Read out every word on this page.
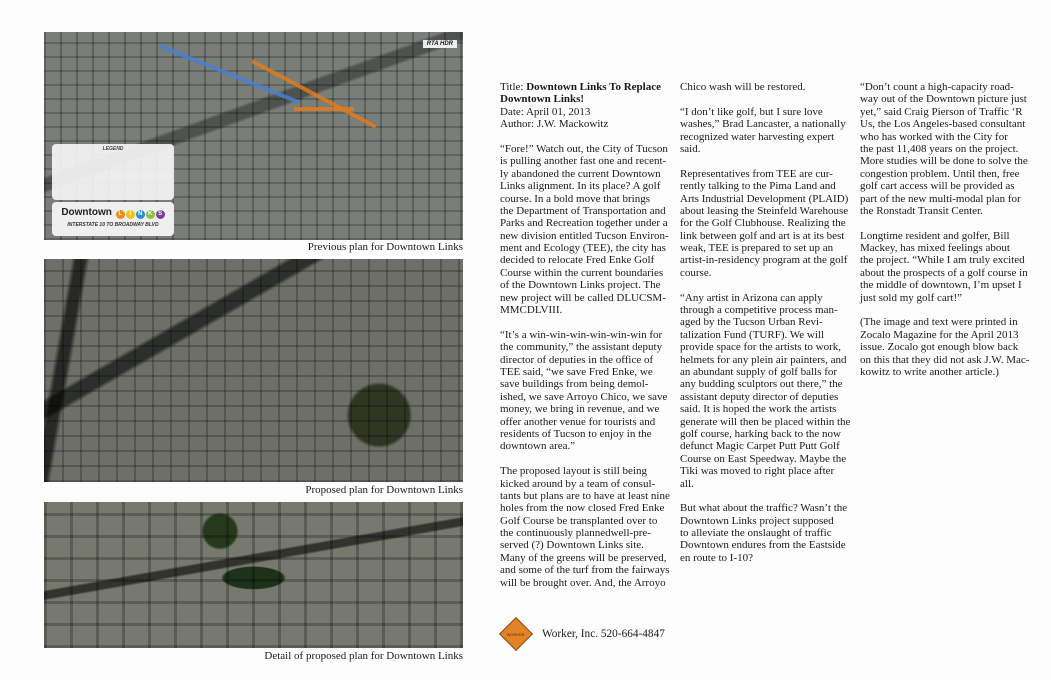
RTA HDR
LEGEND
Downtown L I N K S
INTERSTATE 10 TO BROADWAY BLVD
Previous plan for Downtown Links
Proposed plan for Downtown Links
Detail of proposed plan for Downtown Links
Title: Downtown Links To Replace
Downtown Links!
Date: April 01, 2013
Author: J.W. Mackowitz
“Fore!” Watch out, the City of Tucson
is pulling another fast one and recent-
ly abandoned the current Downtown
Links alignment. In its place? A golf
course. In a bold move that brings
the Department of Transportation and
Parks and Recreation together under a
new division entitled Tucson Environ-
ment and Ecology (TEE), the city has
decided to relocate Fred Enke Golf
Course within the current boundaries
of the Downtown Links project. The
new project will be called DLUCSM-
MMCDLVIII.
“It’s a win-win-win-win-win-win for
the community,” the assistant deputy
director of deputies in the office of
TEE said, “we save Fred Enke, we
save buildings from being demol-
ished, we save Arroyo Chico, we save
money, we bring in revenue, and we
offer another venue for tourists and
residents of Tucson to enjoy in the
downtown area.”
The proposed layout is still being
kicked around by a team of consul-
tants but plans are to have at least nine
holes from the now closed Fred Enke
Golf Course be transplanted over to
the continuously plannedwell-pre-
served (?) Downtown Links site.
Many of the greens will be preserved,
and some of the turf from the fairways
will be brought over. And, the Arroyo
Chico wash will be restored.
“I don’t like golf, but I sure love
washes,” Brad Lancaster, a nationally
recognized water harvesting expert
said.
Representatives from TEE are cur-
rently talking to the Pima Land and
Arts Industrial Development (PLAID)
about leasing the Steinfeld Warehouse
for the Golf Clubhouse. Realizing the
link between golf and art is at its best
weak, TEE is prepared to set up an
artist-in-residency program at the golf
course.
“Any artist in Arizona can apply
through a competitive process man-
aged by the Tucson Urban Revi-
talization Fund (TURF). We will
provide space for the artists to work,
helmets for any plein air painters, and
an abundant supply of golf balls for
any budding sculptors out there,” the
assistant deputy director of deputies
said. It is hoped the work the artists
generate will then be placed within the
golf course, harking back to the now
defunct Magic Carpet Putt Putt Golf
Course on East Speedway. Maybe the
Tiki was moved to right place after
all.
But what about the traffic? Wasn’t the
Downtown Links project supposed
to alleviate the onslaught of traffic
Downtown endures from the Eastside
en route to I-10?
“Don’t count a high-capacity road-
way out of the Downtown picture just
yet,” said Craig Pierson of Traffic ‘R
Us, the Los Angeles-based consultant
who has worked with the City for
the past 11,408 years on the project.
More studies will be done to solve the
congestion problem. Until then, free
golf cart access will be provided as
part of the new multi-modal plan for
the Ronstadt Transit Center.
Longtime resident and golfer, Bill
Mackey, has mixed feelings about
the project. “While I am truly excited
about the prospects of a golf course in
the middle of downtown, I’m upset I
just sold my golf cart!”
(The image and text were printed in
Zocalo Magazine for the April 2013
issue. Zocalo got enough blow back
on this that they did not ask J.W. Mac-
kowitz to write another article.)
WORKER Worker, Inc. 520-664-4847
